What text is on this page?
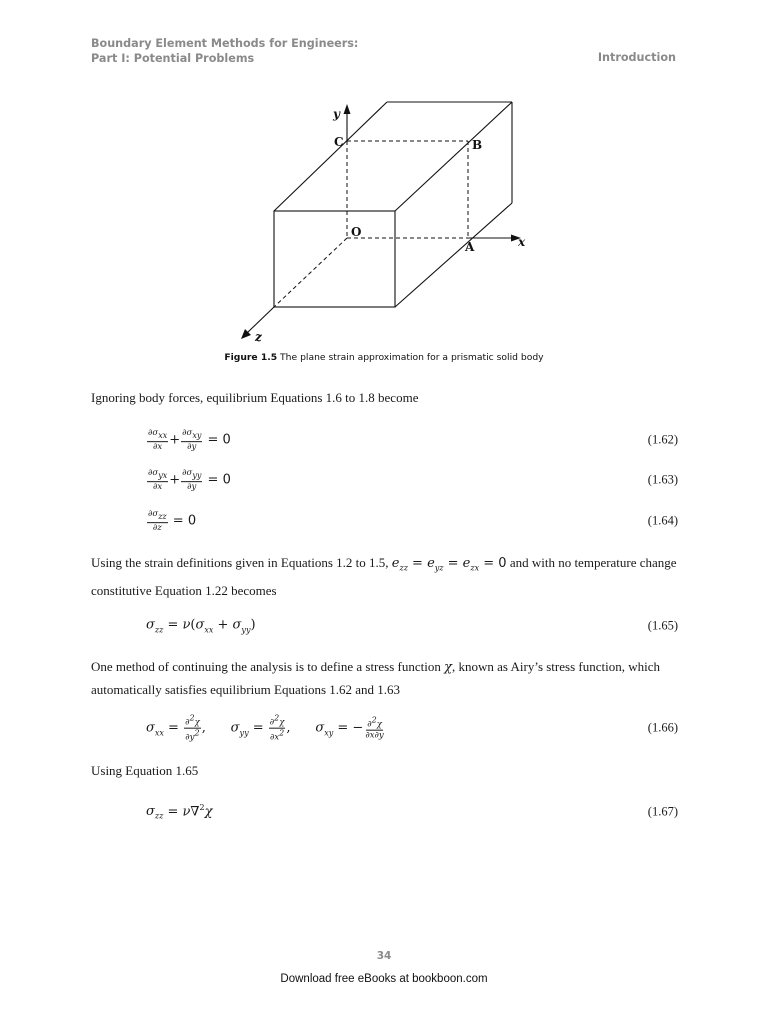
Boundary Element Methods for Engineers:
Part I: Potential Problems	Introduction
y
x
z
C	B
O
A
Figure 1.5 The plane strain approximation for a prismatic solid body
Ignoring body forces, equilibrium Equations 1.6 to 1.8 become
$\frac{\partial\sigma_{xx}}{\partial x} + \frac{\partial\sigma_{xy}}{\partial y} = 0$	(1.62)
$\frac{\partial\sigma_{yx}}{\partial x} + \frac{\partial\sigma_{yy}}{\partial y} = 0$	(1.63)
$\frac{\partial\sigma_{zz}}{\partial z} = 0$	(1.64)
Using the strain definitions given in Equations 1.2 to 1.5, $e_{zz} = e_{yz} = e_{zx} = 0$ and with no temperature change constitutive Equation 1.22 becomes
$\sigma_{zz} = \nu(\sigma_{xx} + \sigma_{yy})$	(1.65)
One method of continuing the analysis is to define a stress function χ, known as Airy’s stress function, which automatically satisfies equilibrium Equations 1.62 and 1.63
$\sigma_{xx} = \frac{\partial^2\chi}{\partial y^2}$ ,      $\sigma_{yy} = \frac{\partial^2\chi}{\partial x^2}$ ,      $\sigma_{xy}$ = − $\frac{\partial^2\chi}{\partial x\partial y}$	(1.66)
Using Equation 1.65
$\sigma_{zz} = \nu\nabla^2\chi$	(1.67)
34
Download free eBooks at bookboon.com
